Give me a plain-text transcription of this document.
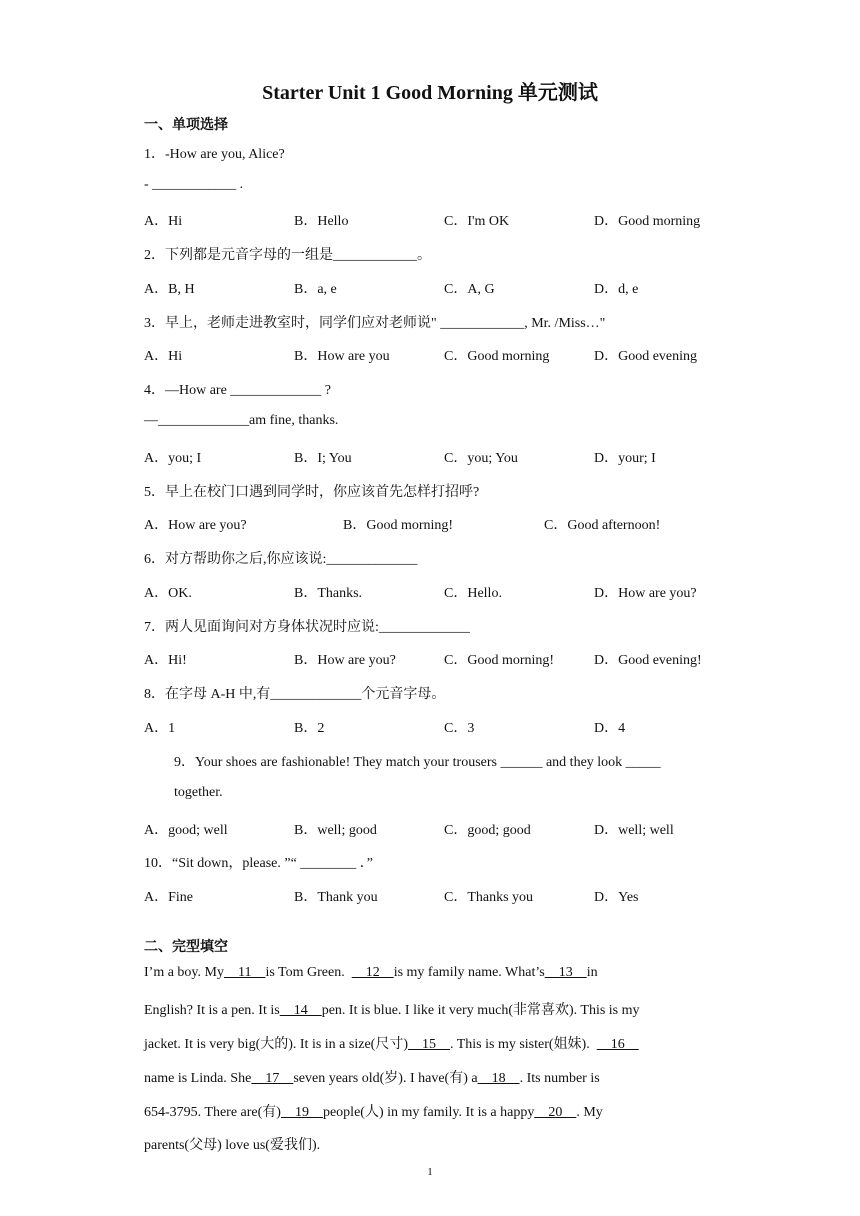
Starter Unit 1 Good Morning 单元测试
一、单项选择
1．-How are you, Alice?
- ____________ .
A．Hi	B．Hello	C．I'm OK	D．Good morning
2．下列都是元音字母的一组是____________。
A．B, H	B．a, e	C．A, G	D．d, e
3．早上，老师走进教室时，同学们应对老师说" ____________, Mr. /Miss…"
A．Hi	B．How are you	C．Good morning	D．Good evening
4．—How are _____________ ?
—_____________am fine, thanks.
A．you; I	B．I; You	C．you; You	D．your; I
5．早上在校门口遇到同学时，你应该首先怎样打招呼?
A．How are you?	B．Good morning!	C．Good afternoon!
6．对方帮助你之后,你应该说:_____________
A．OK.	B．Thanks.	C．Hello.	D．How are you?
7．两人见面询问对方身体状况时应说:_____________
A．Hi!	B．How are you?	C．Good morning!	D．Good evening!
8．在字母 A-H 中,有_____________个元音字母。
A．1	B．2	C．3	D．4
9．Your shoes are fashionable! They match your trousers ______ and they look _____
together.
A．good; well	B．well; good	C．good; good	D．well; well
10．“Sit down，please. ”“ ________ ．”
A．Fine	B．Thank you	C．Thanks you	D．Yes
二、完型填空
I’m a boy. My    11    is Tom Green.      12    is my family name. What’s    13    in
English? It is a pen. It is    14    pen. It is blue. I like it very much(非常喜欢). This is my
jacket. It is very big(大的). It is in a size(尺寸)    15    . This is my sister(姐妹).      16
name is Linda. She    17    seven years old(岁). I have(有) a    18    . Its number is
654-3795. There are(有)    19    people(人) in my family. It is a happy    20    . My
parents(父母) love us(爱我们).
1
